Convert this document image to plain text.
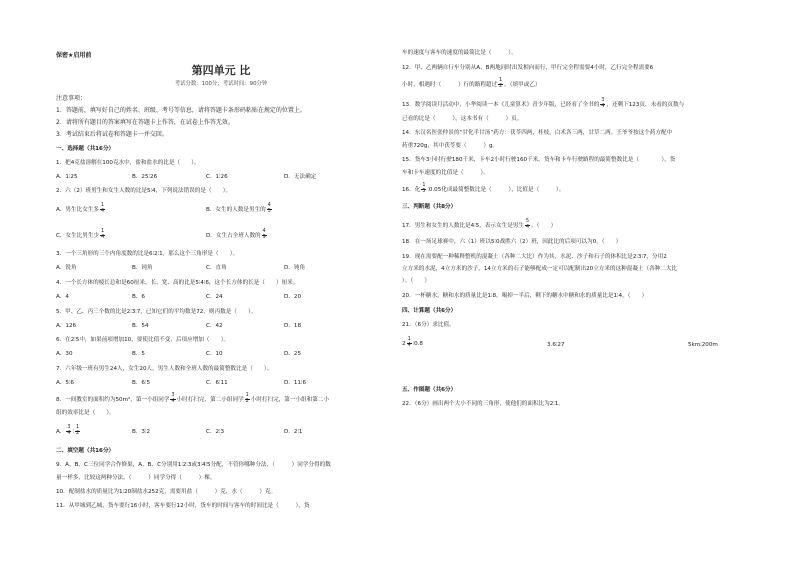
保密★启用前
第四单元 比
考试分数：100分；考试时间：90分钟
注意事项：
1．答题前，填写好自己的姓名、班级、考号等信息，请将答题卡条形码粘贴在规定的位置上。
2．请将所有题目的答案填写在答题卡上作答，在试卷上作答无效。
3．考试结束后将试卷和答题卡一并交回。
一、选择题（共16分）
1．把4克盐溶解在100克水中，盐和盐水的比是（　　）。
A．1∶25	B．25∶26	C．1∶26	D．无法确定
2．六（2）班男生和女生人数的比是5∶4，下列说法错误的是（　　）。
A．男生比女生多 $\frac{1}{4}$	B．女生的人数是男生的 $\frac{4}{5}$
C．女生比男生少 $\frac{1}{4}$	D．女生占全班人数的 $\frac{4}{9}$
3．一个三角形的三个内角度数的比是6∶2∶1，那么这个三角形是（　　）。
A．锐角	B．钝角	C．直角	D．钝角
4．一个长方体的棱长总和是60厘米，长、宽、高的比是5∶4∶6，这个长方体的长是（　　）厘米。
A．4	B．6	C．24	D．20
5．甲、乙、丙三个数的比是2∶3∶7，已知它们的平均数是72，则丙数是（　　）。
A．126	B．54	C．42	D．18
6．在2∶5中，如果前项增加10，要使比值不变，后项应增加（　　）。
A．30	B．5	C．10	D．25
7．六年级一班有男生24人，女生20人，男生人数和全班人数的最简整数比是（　　）。
A．5∶6	B．6∶5	C．6∶11	D．11∶6
8．一间教室的面积约为50m²，第一小组同学 $\frac{3}{4}$ 小时打扫完，第二小组同学 $\frac{1}{2}$ 小时打扫完，第一小组和第二小
组的效率比是（　　）。
A． $\frac{3}{4}$ ∶ $\frac{1}{2}$	B．3∶2	C．2∶3	D．2∶1
二、填空题（共16分）
9．A、B、C三位同学合作修果，A、B、C分别用1∶2∶3或3∶4∶5分配，不管你哪种分法，（　　　）同学分得的数
量一样多，比较这两种分法，（　　　）同学分得（　　　）棵。
10．配制盐水的质量比为1∶20制盐水252克，需要用盐（　　　）克，水（　　　）克。
11．从甲城到乙城，货车要行16小时，客车要行12小时，货车的时间与客车的时间比是（　　　），货
车的速度与客车的速度的最简比是（　　　）。
12．甲、乙两辆自行车分别从A、B两地同时出发相向而行，甲行完全程需要4小时，乙行完全程需要6
小时，相遇时（　　　）行的路程超过 $\frac{1}{2}$ 。（填甲或乙）
13．数学阅读月活动中，小华阅读一本《儿童算术》青少年版，已经看了全书的 $\frac{3}{4}$ ，还剩下123页，未看的页数与
已看的比是（　　　），这本书有（　　　）页。
14．东汉名医张仲景的“甘化半甘汤”药方：茯苓四两，桂枝，白术各三两，甘草二两。王爷爷按这个药方配中
药重720g，其中茯苓要（　　　）g。
15．货车3小时行驶180千米，卡车2小时行驶160千米。货车和卡车行驶路程的最简整数比是（　　　　），货
车和卡车速度的比值是（　　　）。
16．化 $\frac{1}{5}$ ∶0.05化成最简整数比是（　　　），比值是（　　　）。
三、判断题（共8分）
17．男生和女生的人数比是4∶5，表示女生是男生 $\frac{5}{4}$ 。（　　）
18．在一场足球赛中，六（1）班以5∶0战胜六（2）班，因此比的后项可以为0。（　　）
19．现在需要配一种稀释整机的混凝土（各种二大比）作为其，水泥、沙子和石子的体积比是2∶3∶7，分用2
立方米的水泥，4立方米的沙子，14立方米的石子能够配成一定可以配制出20立方米的这种混凝土（各种二大比
）。（　　）
20．一杯糖水，糖和水的质量比是1∶8，喝掉一半后，剩下的糖水中糖和水的质量比是1∶4。（　　）
四、计算题（共6分）
21．（6分）求比值。
$2 \frac{1}{4}$ ∶0.8	3.6∶27	5km∶200m
五、作图题（共6分）
22．（6分）画出两个大小不同的三角形，使他们的面积比为2∶1。
